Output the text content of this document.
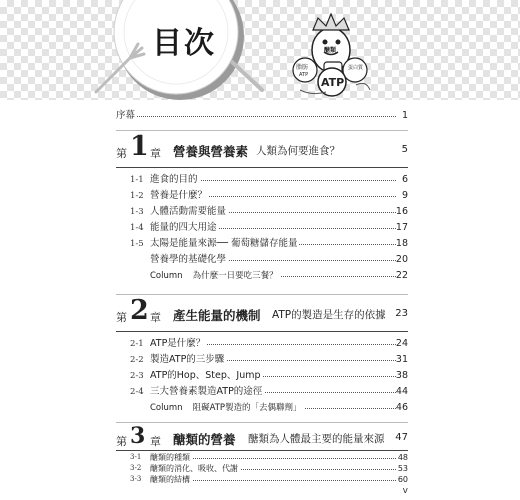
目次	醣類
脂肪
ATP
ATP
蛋白質
序幕	1
第 1 章 營養與營養素 人類為何要進食？	5
1-1 進食的目的	6
1-2 營養是什麼？	9
1-3 人體活動需要能量	16
1-4 能量的四大用途	17
1-5 太陽是能量來源── 葡萄糖儲存能量	18
營養學的基礎化學	20
Column 為什麼一日要吃三餐？	22
第 2 章 產生能量的機制 ATP的製造是生存的依據 23
2-1 ATP是什麼？	24
2-2 製造ATP的三步驟	31
2-3 ATP的Hop、Step、Jump	38
2-4 三大營養素製造ATP的途徑	44
Column 阻礙ATP製造的「去偶聯劑」	46
第 3 章 醣類的營養 醣類為人體最主要的能量來源 47
3-1 醣類的種類	48
3-2 醣類的消化、吸收、代謝	53
3-3 醣類的結構	60
v
